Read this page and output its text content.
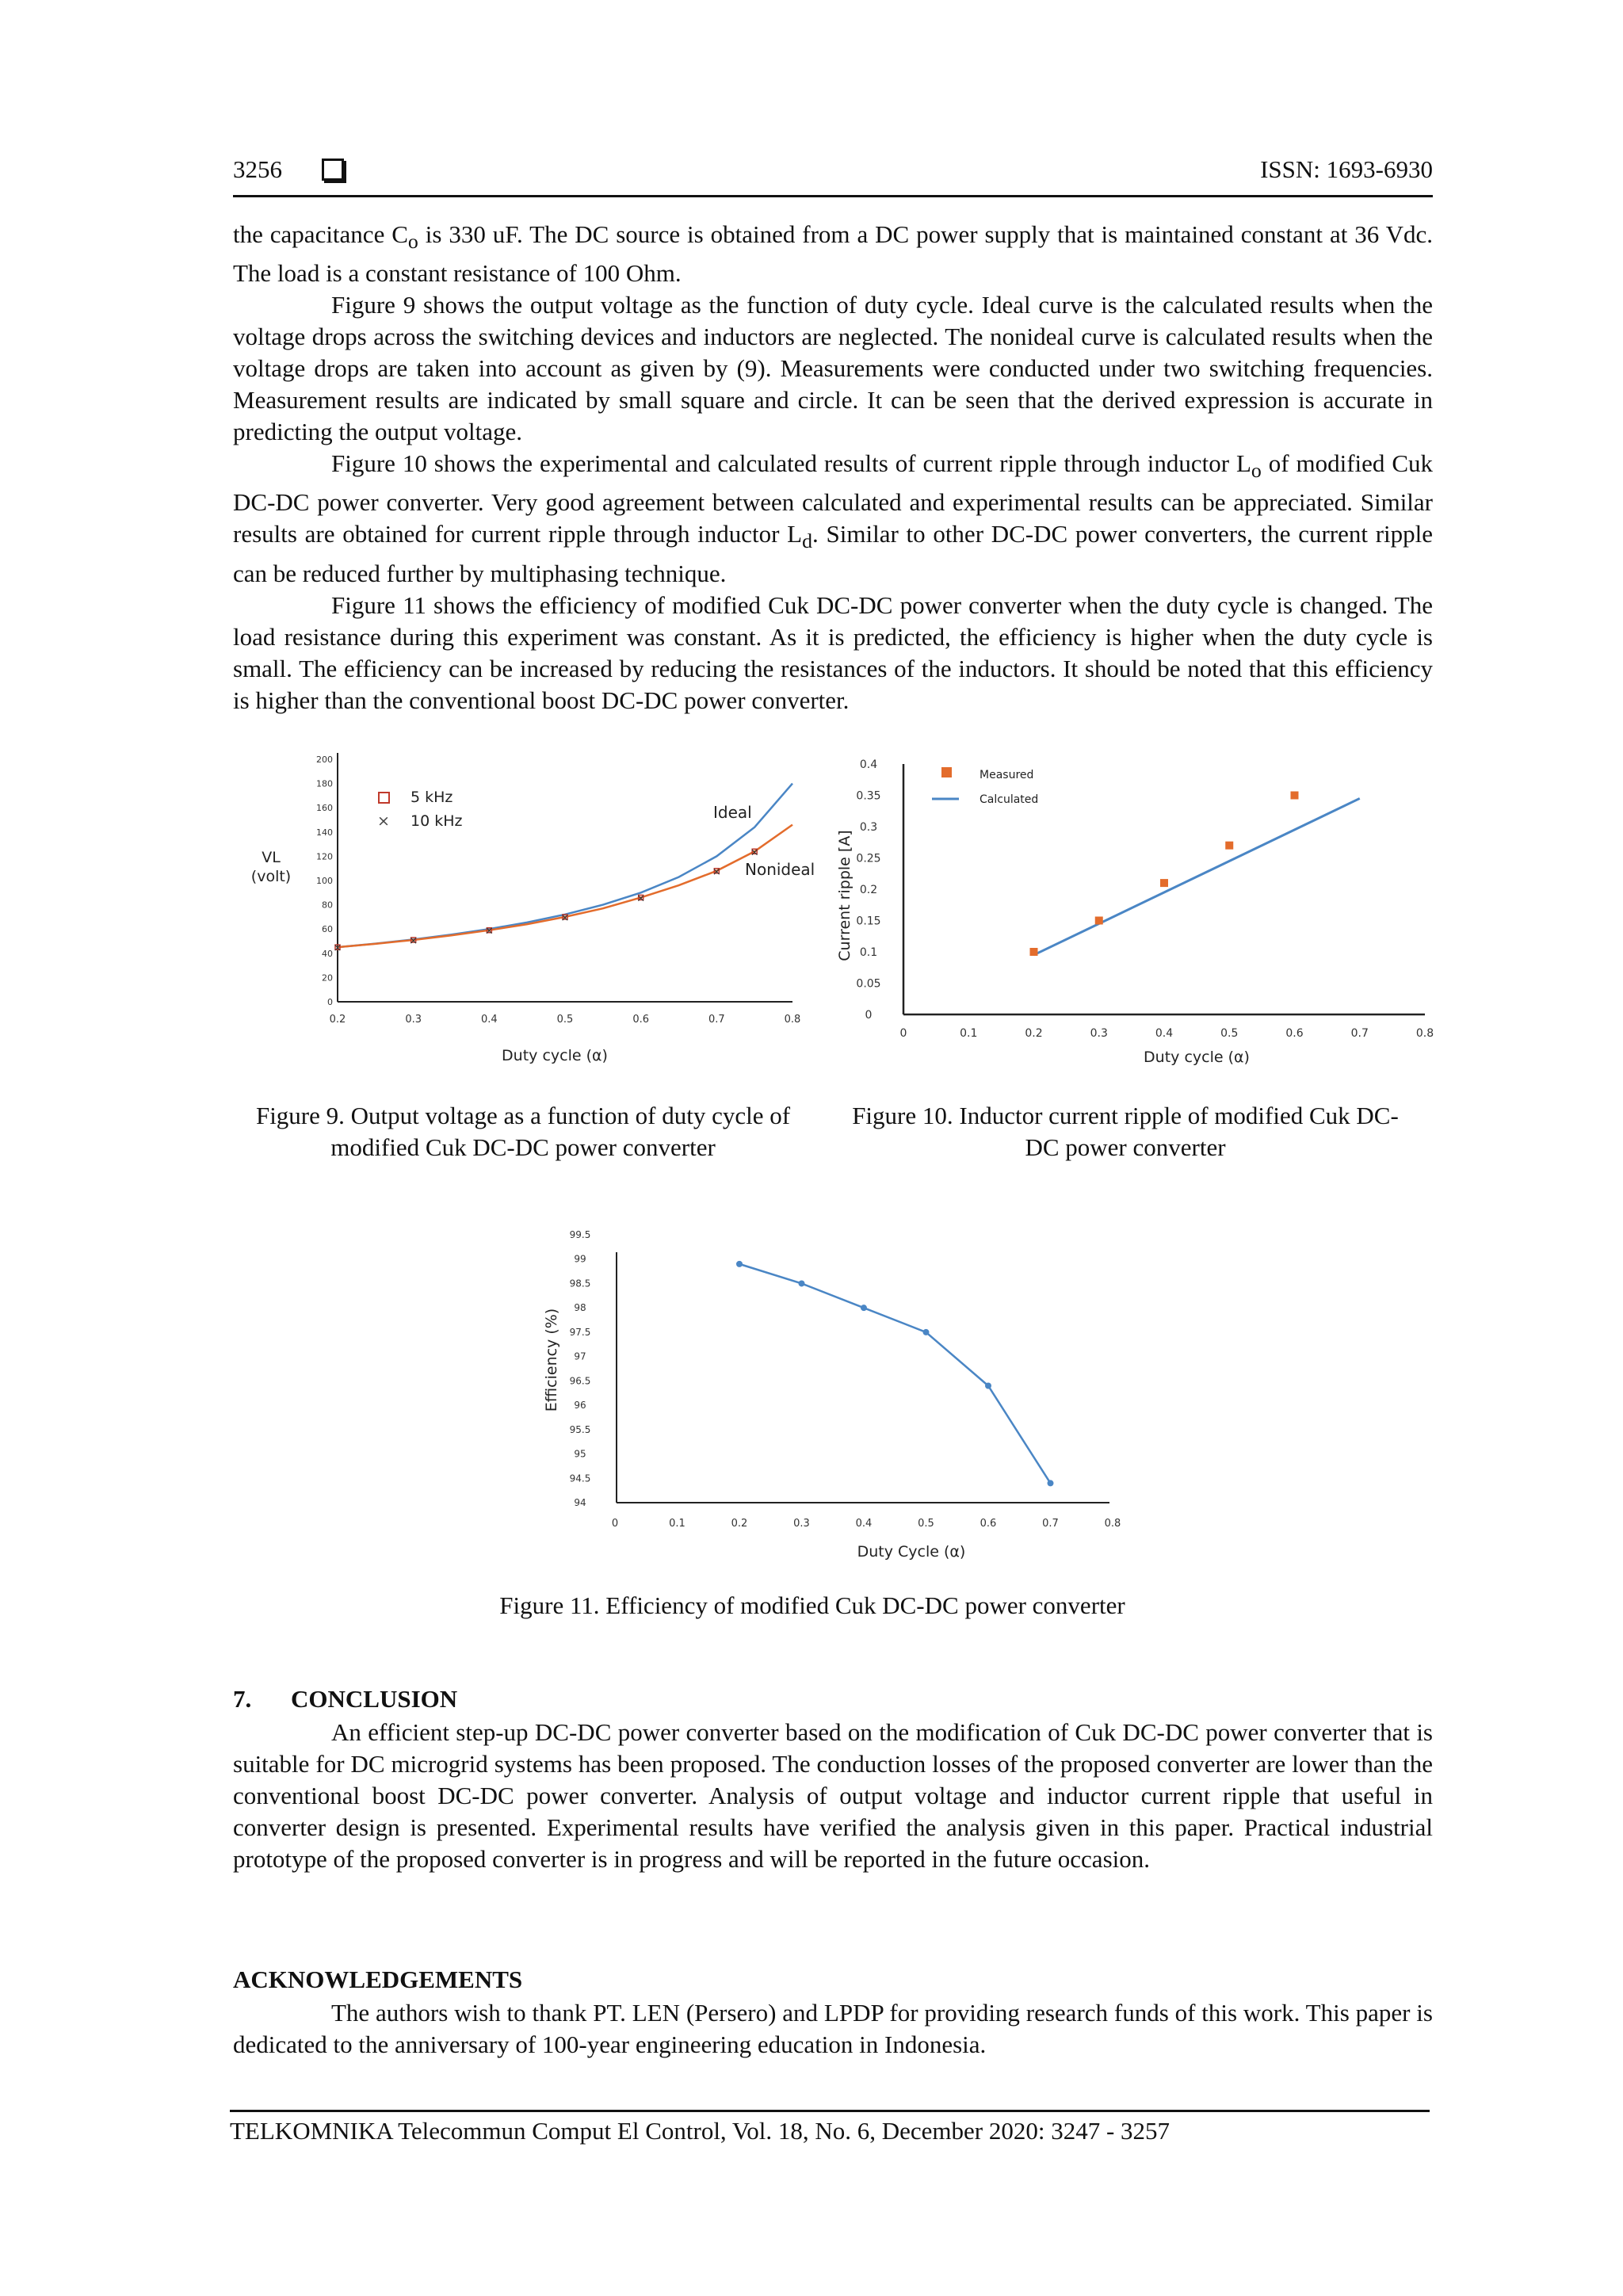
3256	ISSN: 1693-6930

the capacitance $C_o$ is 330 uF. The DC source is obtained from a DC power supply that is maintained constant at 36 Vdc. The load is a constant resistance of 100 Ohm.

Figure 9 shows the output voltage as the function of duty cycle. Ideal curve is the calculated results when the voltage drops across the switching devices and inductors are neglected. The nonideal curve is calculated results when the voltage drops are taken into account as given by (9). Measurements were conducted under two switching frequencies. Measurement results are indicated by small square and circle. It can be seen that the derived expression is accurate in predicting the output voltage.

Figure 10 shows the experimental and calculated results of current ripple through inductor $L_o$ of modified Cuk DC-DC power converter. Very good agreement between calculated and experimental results can be appreciated. Similar results are obtained for current ripple through inductor $L_d$. Similar to other DC-DC power converters, the current ripple can be reduced further by multiphasing technique.

Figure 11 shows the efficiency of modified Cuk DC-DC power converter when the duty cycle is changed. The load resistance during this experiment was constant. As it is predicted, the efficiency is higher when the duty cycle is small. The efficiency can be increased by reducing the resistances of the inductors. It should be noted that this efficiency is higher than the conventional boost DC-DC power converter.

0
20
40
60
80
100
120
140
160
180
200
0.2	0.3	0.4	0.5	0.6	0.7	0.8
Duty cycle (α)
VL
(volt)
×
×
×
×
×
×
×
5 kHz
× 10 kHz	Ideal
Nonideal
Figure 9. Output voltage as a function of duty cycle of modified Cuk DC-DC power converter
0
0.05
0.1
0.15
0.2
0.25
0.3
0.35
0.4
0	0.1	0.2	0.3	0.4	0.5	0.6	0.7	0.8
Duty cycle (α)
Current ripple [A]
Measured
Calculated
Figure 10. Inductor current ripple of modified Cuk DC-DC power converter
94
94.5
95
95.5
96
96.5
97
97.5
98
98.5
99
99.5
0	0.1	0.2	0.3	0.4	0.5	0.6	0.7	0.8
Duty Cycle (α)
Efficiency (%)
Figure 11. Efficiency of modified Cuk DC-DC power converter
7. CONCLUSION

An efficient step-up DC-DC power converter based on the modification of Cuk DC-DC power converter that is suitable for DC microgrid systems has been proposed. The conduction losses of the proposed converter are lower than the conventional boost DC-DC power converter. Analysis of output voltage and inductor current ripple that useful in converter design is presented. Experimental results have verified the analysis given in this paper. Practical industrial prototype of the proposed converter is in progress and will be reported in the future occasion.

ACKNOWLEDGEMENTS

The authors wish to thank PT. LEN (Persero) and LPDP for providing research funds of this work. This paper is dedicated to the anniversary of 100-year engineering education in Indonesia.

TELKOMNIKA Telecommun Comput El Control, Vol. 18, No. 6, December 2020: 3247 - 3257
